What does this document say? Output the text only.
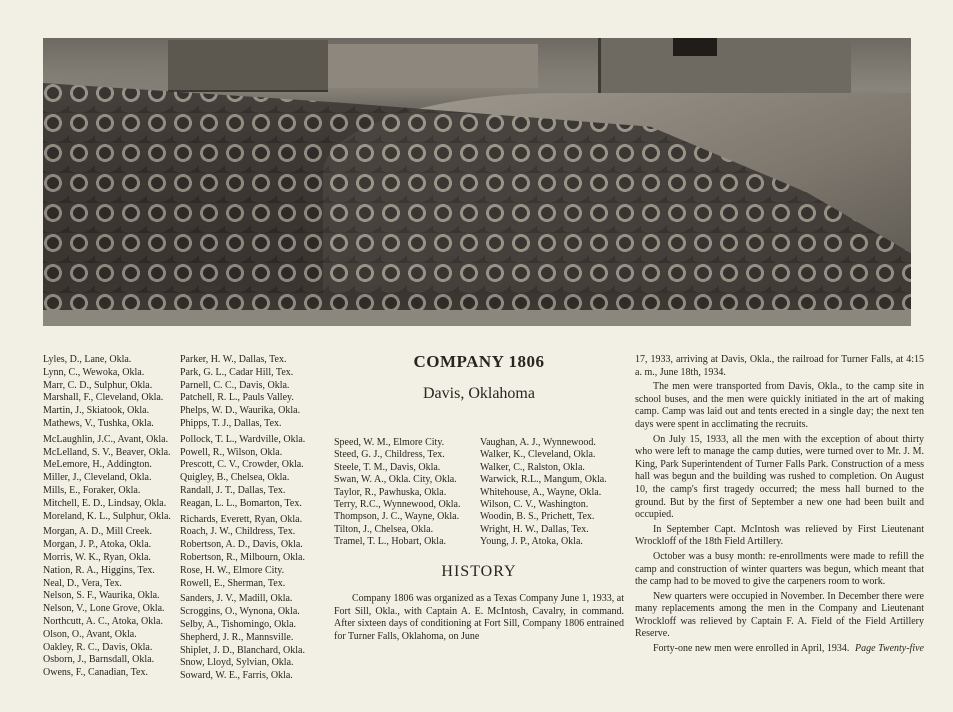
Lyles, D., Lane, Okla.
Lynn, C., Wewoka, Okla.
Marr, C. D., Sulphur, Okla.
Marshall, F., Cleveland, Okla.
Martin, J., Skiatook, Okla.
Mathews, V., Tushka, Okla.
McLaughlin, J.C., Avant, Okla.
McLelland, S. V., Beaver, Okla.
MeLemore, H., Addington.
Miller, J., Cleveland, Okla.
Mills, E., Foraker, Okla.
Mitchell, E. D., Lindsay, Okla.
Moreland, K. L., Sulphur, Okla.
Morgan, A. D., Mill Creek.
Morgan, J. P., Atoka, Okla.
Morris, W. K., Ryan, Okla.
Nation, R. A., Higgins, Tex.
Neal, D., Vera, Tex.
Nelson, S. F., Waurika, Okla.
Nelson, V., Lone Grove, Okla.
Northcutt, A. C., Atoka, Okla.
Olson, O., Avant, Okla.
Oakley, R. C., Davis, Okla.
Osborn, J., Barnsdall, Okla.
Owens, F., Canadian, Tex.
Parker, H. W., Dallas, Tex.
Park, G. L., Cadar Hill, Tex.
Parnell, C. C., Davis, Okla.
Patchell, R. L., Pauls Valley.
Phelps, W. D., Waurika, Okla.
Phipps, T. J., Dallas, Tex.
Pollock, T. L., Wardville, Okla.
Powell, R., Wilson, Okla.
Prescott, C. V., Crowder, Okla.
Quigley, B., Chelsea, Okla.
Randall, J. T., Dallas, Tex.
Reagan, L. L., Bomarton, Tex.
Richards, Everett, Ryan, Okla.
Roach, J. W., Childress, Tex.
Robertson, A. D., Davis, Okla.
Robertson, R., Milbourn, Okla.
Rose, H. W., Elmore City.
Rowell, E., Sherman, Tex.
Sanders, J. V., Madill, Okla.
Scroggins, O., Wynona, Okla.
Selby, A., Tishomingo, Okla.
Shepherd, J. R., Mannsville.
Shiplet, J. D., Blanchard, Okla.
Snow, Lloyd, Sylvian, Okla.
Soward, W. E., Farris, Okla.
COMPANY 1806
Davis, Oklahoma
Speed, W. M., Elmore City.	Vaughan, A. J., Wynnewood.
Steed, G. J., Childress, Tex.	Walker, K., Cleveland, Okla.
Steele, T. M., Davis, Okla.	Walker, C., Ralston, Okla.
Swan, W. A., Okla. City, Okla.	Warwick, R.L., Mangum, Okla.
Taylor, R., Pawhuska, Okla.	Whitehouse, A., Wayne, Okla.
Terry, R.C., Wynnewood, Okla.	Wilson, C. V., Washington.
Thompson, J. C., Wayne, Okla.	Woodin, B. S., Prichett, Tex.
Tilton, J., Chelsea, Okla.	Wright, H. W., Dallas, Tex.
Tramel, T. L., Hobart, Okla.	Young, J. P., Atoka, Okla.
HISTORY
Company 1806 was organized as a Texas Company June 1, 1933, at Fort Sill, Okla., with Captain A. E. McIntosh, Cavalry, in command. After sixteen days of conditioning at Fort Sill, Company 1806 entrained for Turner Falls, Oklahoma, on June

17, 1933, arriving at Davis, Okla., the railroad for Turner Falls, at 4:15 a. m., June 18th, 1934.

The men were transported from Davis, Okla., to the camp site in school buses, and the men were quickly initiated in the art of making camp. Camp was laid out and tents erected in a single day; the next ten days were spent in acclimating the recruits.

On July 15, 1933, all the men with the exception of about thirty who were left to manage the camp duties, were turned over to Mr. J. M. King, Park Superintendent of Turner Falls Park. Construction of a mess hall was begun and the building was rushed to completion. On August 10, the camp's first tragedy occurred; the mess hall burned to the ground. But by the first of September a new one had been built and occupied.

In September Capt. McIntosh was relieved by First Lieutenant Wrockloff of the 18th Field Artillery.

October was a busy month: re-enrollments were made to refill the camp and construction of winter quarters was begun, which meant that the camp had to be moved to give the carpeners room to work.

New quarters were occupied in November. In December there were many replacements among the men in the Company and Lieutenant Wrockloff was relieved by Captain F. A. Field of the Field Artillery Reserve.

Forty-one new men were enrolled in April, 1934. Page Twenty-five
